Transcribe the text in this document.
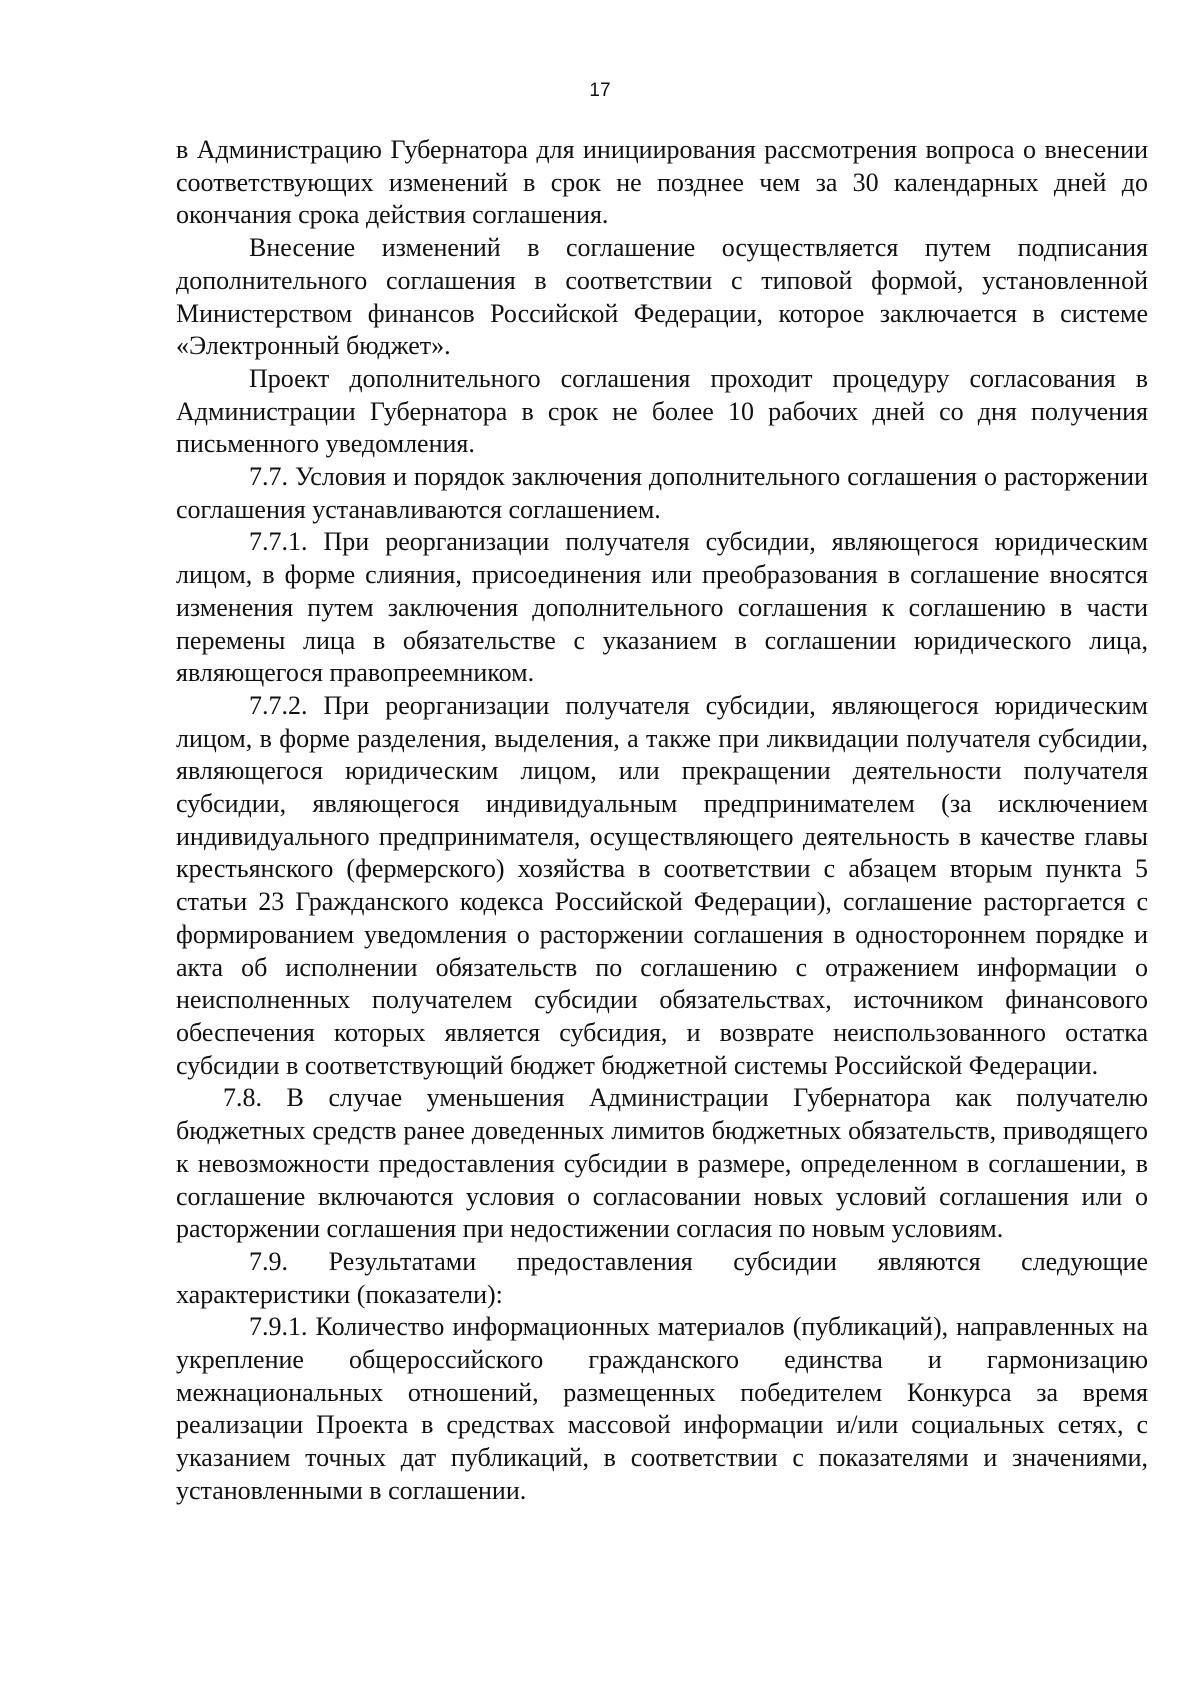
17

в Администрацию Губернатора для инициирования рассмотрения вопроса о внесении соответствующих изменений в срок не позднее чем за 30 календарных дней до окончания срока действия соглашения.

Внесение изменений в соглашение осуществляется путем подписания дополнительного соглашения в соответствии с типовой формой, установленной Министерством финансов Российской Федерации, которое заключается в системе «Электронный бюджет».

Проект дополнительного соглашения проходит процедуру согласования в Администрации Губернатора в срок не более 10 рабочих дней со дня получения письменного уведомления.

7.7. Условия и порядок заключения дополнительного соглашения о расторжении соглашения устанавливаются соглашением.

7.7.1. При реорганизации получателя субсидии, являющегося юридическим лицом, в форме слияния, присоединения или преобразования в соглашение вносятся изменения путем заключения дополнительного соглашения к соглашению в части перемены лица в обязательстве с указанием в соглашении юридического лица, являющегося правопреемником.

7.7.2. При реорганизации получателя субсидии, являющегося юридическим лицом, в форме разделения, выделения, а также при ликвидации получателя субсидии, являющегося юридическим лицом, или прекращении деятельности получателя субсидии, являющегося индивидуальным предпринимателем (за исключением индивидуального предпринимателя, осуществляющего деятельность в качестве главы крестьянского (фермерского) хозяйства в соответствии с абзацем вторым пункта 5 статьи 23 Гражданского кодекса Российской Федерации), соглашение расторгается с формированием уведомления о расторжении соглашения в одностороннем порядке и акта об исполнении обязательств по соглашению с отражением информации о неисполненных получателем субсидии обязательствах, источником финансового обеспечения которых является субсидия, и возврате неиспользованного остатка субсидии в соответствующий бюджет бюджетной системы Российской Федерации.

7.8. В случае уменьшения Администрации Губернатора как получателю бюджетных средств ранее доведенных лимитов бюджетных обязательств, приводящего к невозможности предоставления субсидии в размере, определенном в соглашении, в соглашение включаются условия о согласовании новых условий соглашения или о расторжении соглашения при недостижении согласия по новым условиям.

7.9. Результатами предоставления субсидии являются следующие характеристики (показатели):

7.9.1. Количество информационных материалов (публикаций), направленных на укрепление общероссийского гражданского единства и гармонизацию межнациональных отношений, размещенных победителем Конкурса за время реализации Проекта в средствах массовой информации и/или социальных сетях, с указанием точных дат публикаций, в соответствии с показателями и значениями, установленными в соглашении.
